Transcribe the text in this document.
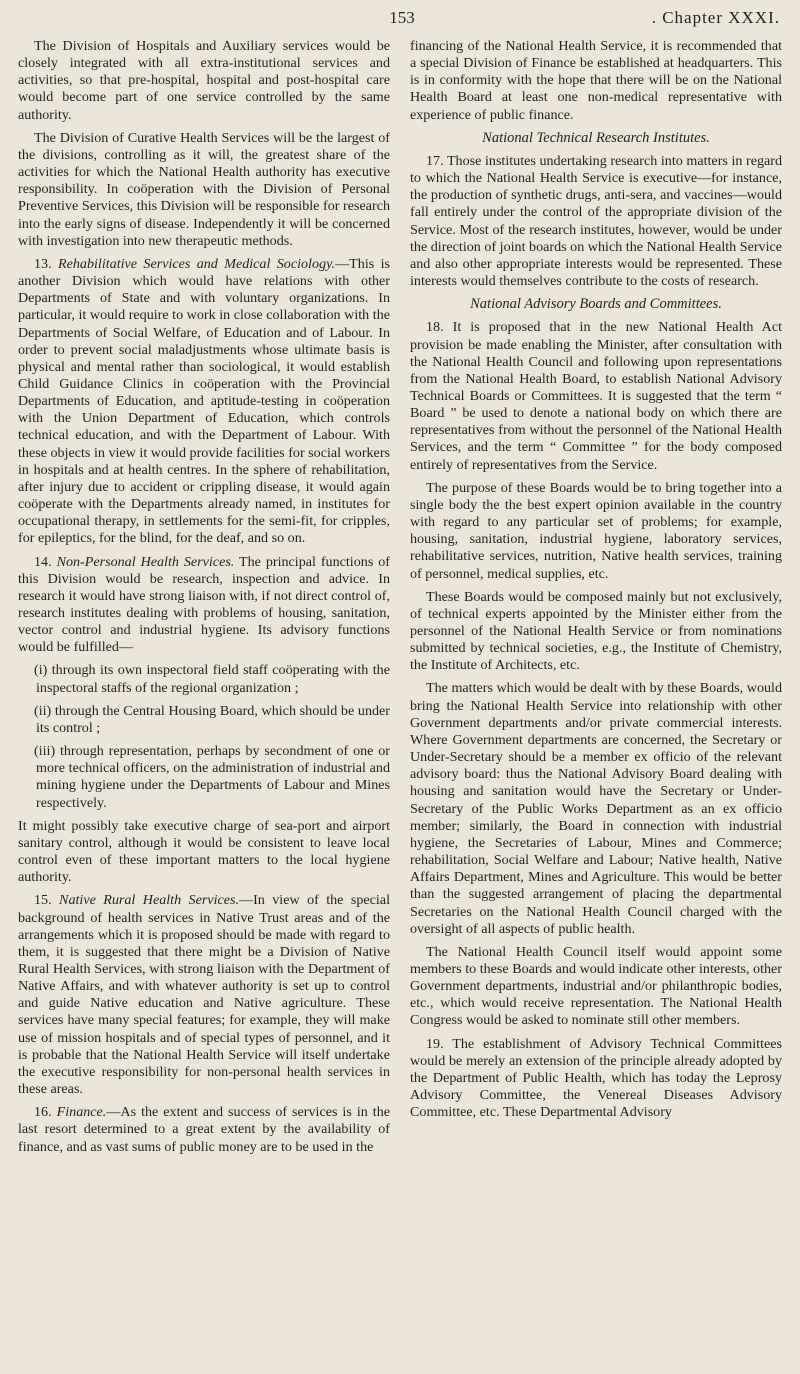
153	. Chapter XXXI.

The Division of Hospitals and Auxiliary services would be closely integrated with all extra-institutional services and activities, so that pre-hospital, hospital and post-hospital care would become part of one service controlled by the same authority.

The Division of Curative Health Services will be the largest of the divisions, controlling as it will, the greatest share of the activities for which the National Health authority has executive responsibility. In coöperation with the Division of Personal Preventive Services, this Division will be responsible for research into the early signs of disease. Independently it will be concerned with investigation into new therapeutic methods.

13. Rehabilitative Services and Medical Sociology.—This is another Division which would have relations with other Departments of State and with voluntary organizations. In particular, it would require to work in close collaboration with the Departments of Social Welfare, of Education and of Labour. In order to prevent social maladjustments whose ultimate basis is physical and mental rather than sociological, it would establish Child Guidance Clinics in coöperation with the Provincial Departments of Education, and aptitude-testing in coöperation with the Union Department of Education, which controls technical education, and with the Department of Labour. With these objects in view it would provide facilities for social workers in hospitals and at health centres. In the sphere of rehabilitation, after injury due to accident or crippling disease, it would again coöperate with the Departments already named, in institutes for occupational therapy, in settlements for the semi-fit, for cripples, for epileptics, for the blind, for the deaf, and so on.

14. Non-Personal Health Services. The principal functions of this Division would be research, inspection and advice. In research it would have strong liaison with, if not direct control of, research institutes dealing with problems of housing, sanitation, vector control and industrial hygiene. Its advisory functions would be fulfilled—

(i) through its own inspectoral field staff coöperating with the inspectoral staffs of the regional organization ;

(ii) through the Central Housing Board, which should be under its control ;

(iii) through representation, perhaps by secondment of one or more technical officers, on the administration of industrial and mining hygiene under the Departments of Labour and Mines respectively.

It might possibly take executive charge of sea-port and airport sanitary control, although it would be consistent to leave local control even of these important matters to the local hygiene authority.

15. Native Rural Health Services.—In view of the special background of health services in Native Trust areas and of the arrangements which it is proposed should be made with regard to them, it is suggested that there might be a Division of Native Rural Health Services, with strong liaison with the Department of Native Affairs, and with whatever authority is set up to control and guide Native education and Native agriculture. These services have many special features; for example, they will make use of mission hospitals and of special types of personnel, and it is probable that the National Health Service will itself undertake the executive responsibility for non-personal health services in these areas.

16. Finance.—As the extent and success of services is in the last resort determined to a great extent by the availability of finance, and as vast sums of public money are to be used in the

financing of the National Health Service, it is recommended that a special Division of Finance be established at headquarters. This is in conformity with the hope that there will be on the National Health Board at least one non-medical representative with experience of public finance.

National Technical Research Institutes.

17. Those institutes undertaking research into matters in regard to which the National Health Service is executive—for instance, the production of synthetic drugs, anti-sera, and vaccines—would fall entirely under the control of the appropriate division of the Service. Most of the research institutes, however, would be under the direction of joint boards on which the National Health Service and also other appropriate interests would be represented. These interests would themselves contribute to the costs of research.

National Advisory Boards and Committees.

18. It is proposed that in the new National Health Act provision be made enabling the Minister, after consultation with the National Health Council and following upon representations from the National Health Board, to establish National Advisory Technical Boards or Committees. It is suggested that the term “ Board ” be used to denote a national body on which there are representatives from without the personnel of the National Health Services, and the term “ Committee ” for the body composed entirely of representatives from the Service.

The purpose of these Boards would be to bring together into a single body the the best expert opinion available in the country with regard to any particular set of problems; for example, housing, sanitation, industrial hygiene, laboratory services, rehabilitative services, nutrition, Native health services, training of personnel, medical supplies, etc.

These Boards would be composed mainly but not exclusively, of technical experts appointed by the Minister either from the personnel of the National Health Service or from nominations submitted by technical societies, e.g., the Institute of Chemistry, the Institute of Architects, etc.

The matters which would be dealt with by these Boards, would bring the National Health Service into relationship with other Government departments and/or private commercial interests. Where Government departments are concerned, the Secretary or Under-Secretary should be a member ex officio of the relevant advisory board: thus the National Advisory Board dealing with housing and sanitation would have the Secretary or Under-Secretary of the Public Works Department as an ex officio member; similarly, the Board in connection with industrial hygiene, the Secretaries of Labour, Mines and Commerce; rehabilitation, Social Welfare and Labour; Native health, Native Affairs Department, Mines and Agriculture. This would be better than the suggested arrangement of placing the departmental Secretaries on the National Health Council charged with the oversight of all aspects of public health.

The National Health Council itself would appoint some members to these Boards and would indicate other interests, other Government departments, industrial and/or philanthropic bodies, etc., which would receive representation. The National Health Congress would be asked to nominate still other members.

19. The establishment of Advisory Technical Committees would be merely an extension of the principle already adopted by the Department of Public Health, which has today the Leprosy Advisory Committee, the Venereal Diseases Advisory Committee, etc. These Departmental Advisory
